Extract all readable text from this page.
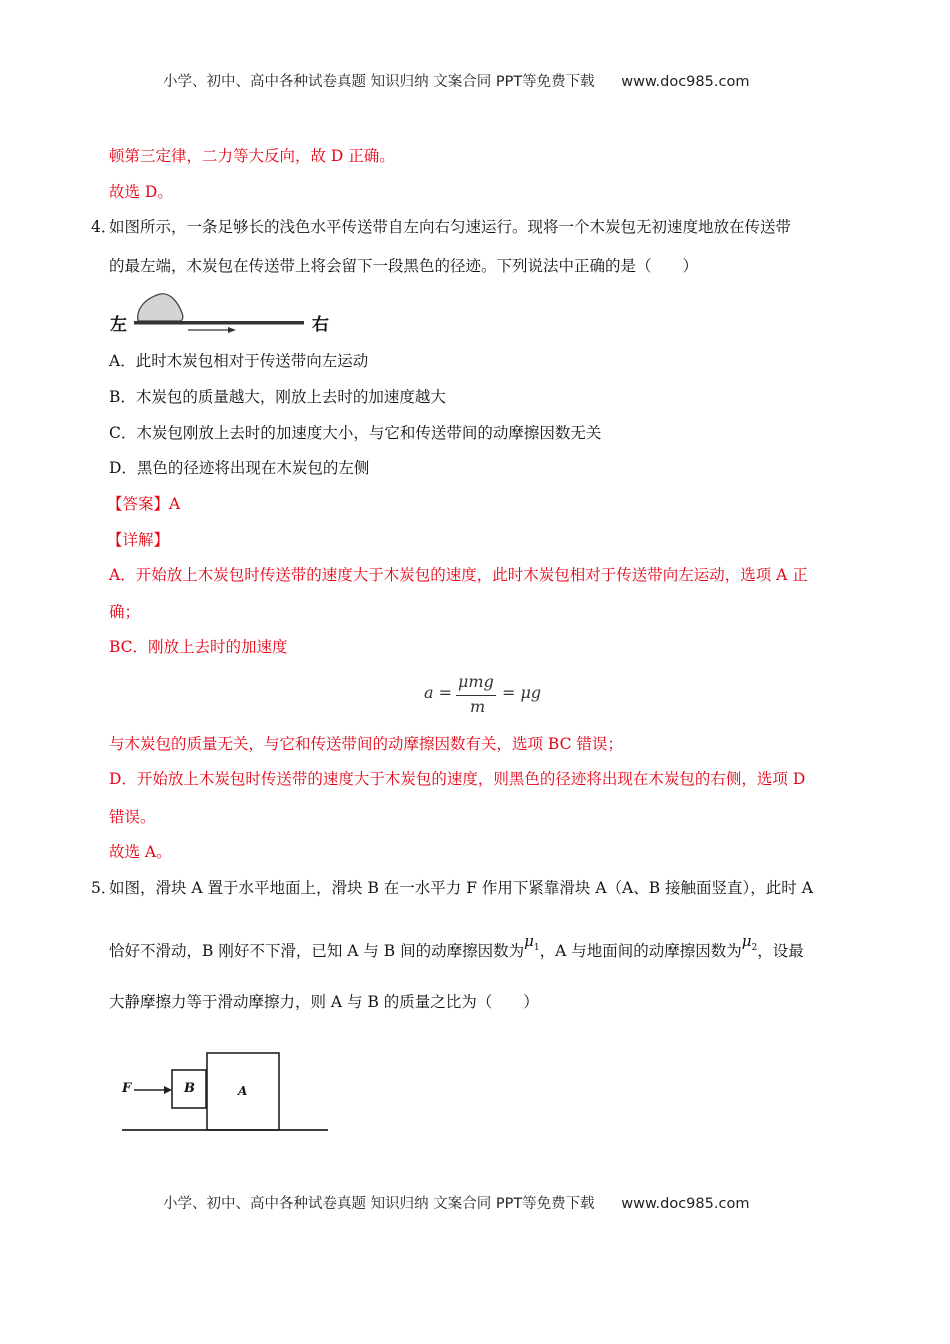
小学、初中、高中各种试卷真题 知识归纳 文案合同 PPT等免费下载 www.doc985.com
顿第三定律，二力等大反向，故 D 正确。
故选 D。
4．
如图所示，一条足够长的浅色水平传送带自左向右匀速运行。现将一个木炭包无初速度地放在传送带
的最左端，木炭包在传送带上将会留下一段黑色的径迹。下列说法中正确的是（　　）
左	右
A．此时木炭包相对于传送带向左运动
B．木炭包的质量越大，刚放上去时的加速度越大
C．木炭包刚放上去时的加速度大小，与它和传送带间的动摩擦因数无关
D．黑色的径迹将出现在木炭包的左侧
【答案】A
【详解】
A．开始放上木炭包时传送带的速度大于木炭包的速度，此时木炭包相对于传送带向左运动，选项 A 正
确；
BC．刚放上去时的加速度
a =
μmg
m
= μg
与木炭包的质量无关，与它和传送带间的动摩擦因数有关，选项 BC 错误；
D．开始放上木炭包时传送带的速度大于木炭包的速度，则黑色的径迹将出现在木炭包的右侧，选项 D
错误。
故选 A。
5．
如图，滑块 A 置于水平地面上，滑块 B 在一水平力 F 作用下紧靠滑块 A（A、B 接触面竖直），此时 A
恰好不滑动，B 刚好不下滑，已知 A 与 B 间的动摩擦因数为$\mu_1$，A 与地面间的动摩擦因数为$\mu_2$，设最
大静摩擦力等于滑动摩擦力，则 A 与 B 的质量之比为（　　）
F	B	A
小学、初中、高中各种试卷真题 知识归纳 文案合同 PPT等免费下载 www.doc985.com
